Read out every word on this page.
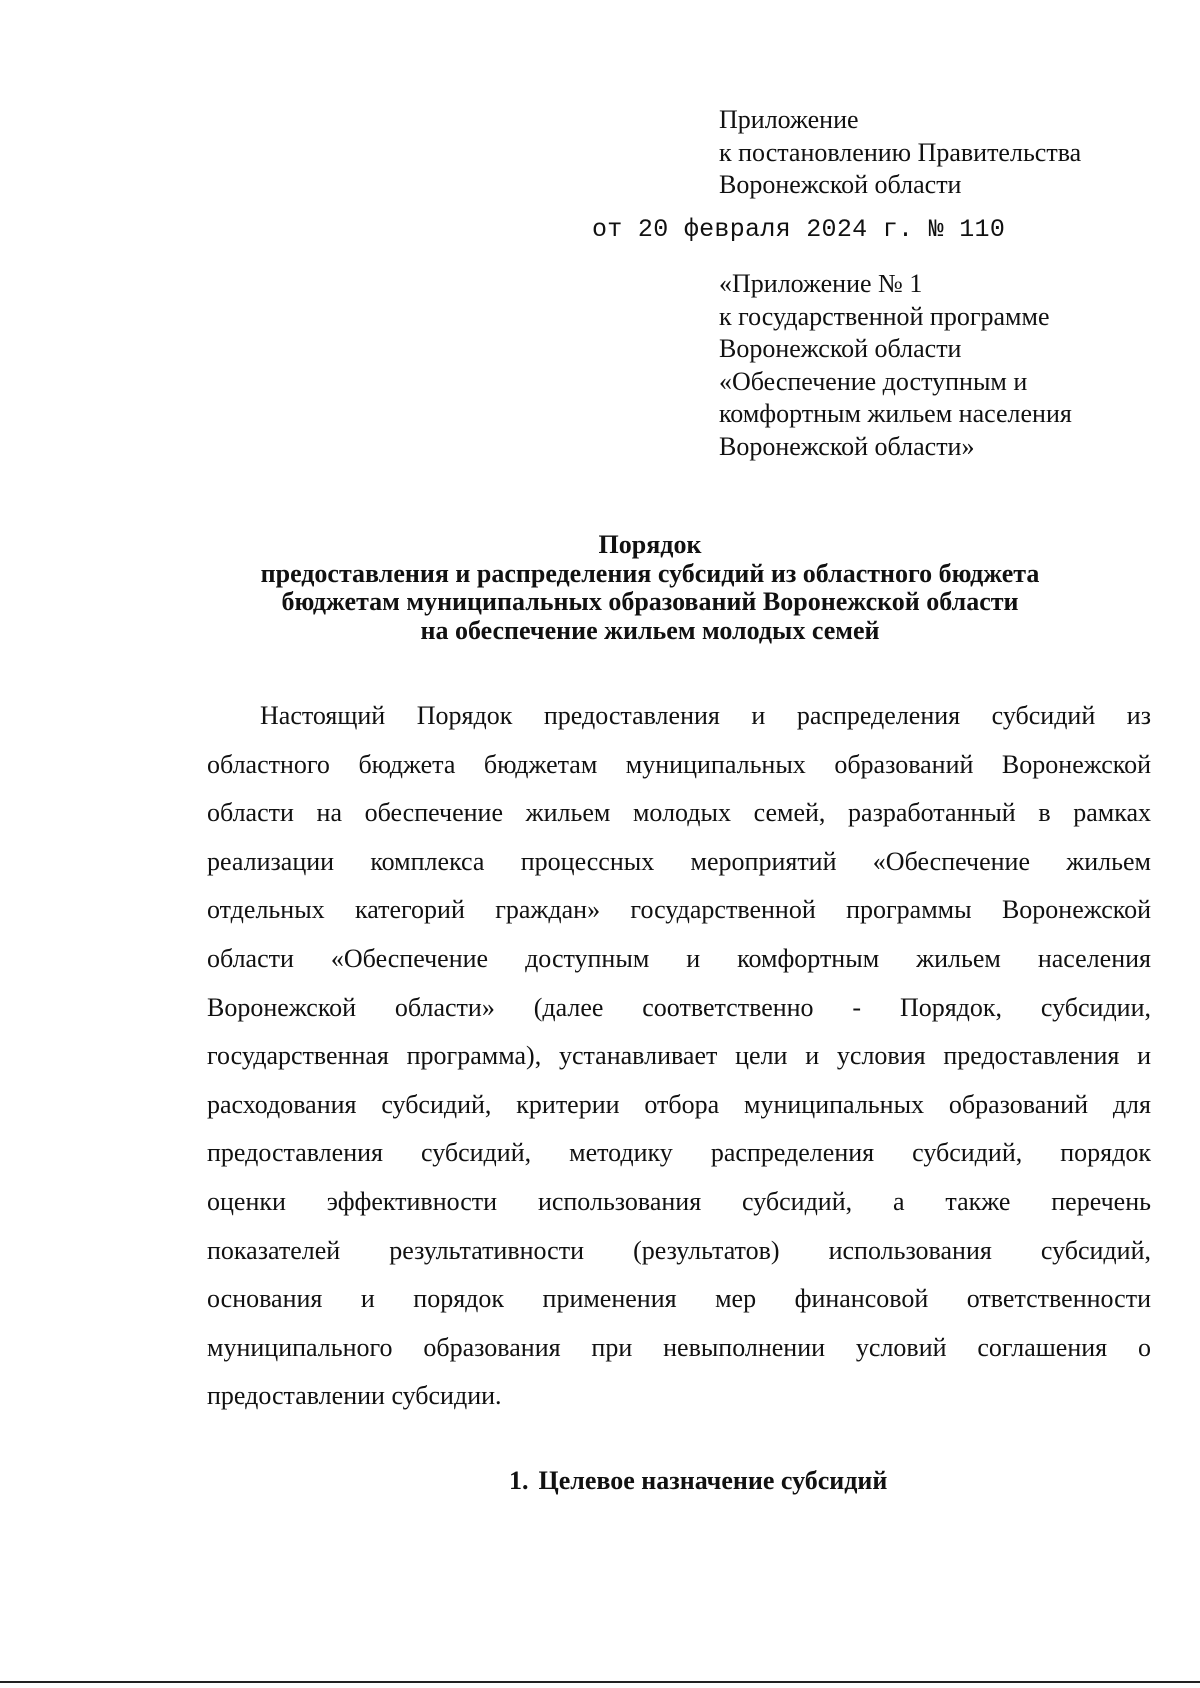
Приложение
к постановлению Правительства
Воронежской области
от 20 февраля 2024 г. № 110
«Приложение № 1
к государственной программе
Воронежской области
«Обеспечение доступным и
комфортным жильем населения
Воронежской области»
Порядок
предоставления и распределения субсидий из областного бюджета
бюджетам муниципальных образований Воронежской области
на обеспечение жильем молодых семей
Настоящий Порядок предоставления и распределения субсидий из
областного бюджета бюджетам муниципальных образований Воронежской
области на обеспечение жильем молодых семей, разработанный в рамках
реализации комплекса процессных мероприятий «Обеспечение жильем
отдельных категорий граждан» государственной программы Воронежской
области «Обеспечение доступным и комфортным жильем населения
Воронежской области» (далее соответственно - Порядок, субсидии,
государственная программа), устанавливает цели и условия предоставления и
расходования субсидий, критерии отбора муниципальных образований для
предоставления субсидий, методику распределения субсидий, порядок
оценки эффективности использования субсидий, а также перечень
показателей результативности (результатов) использования субсидий,
основания и порядок применения мер финансовой ответственности
муниципального образования при невыполнении условий соглашения о
предоставлении субсидии.
1. Целевое назначение субсидий
